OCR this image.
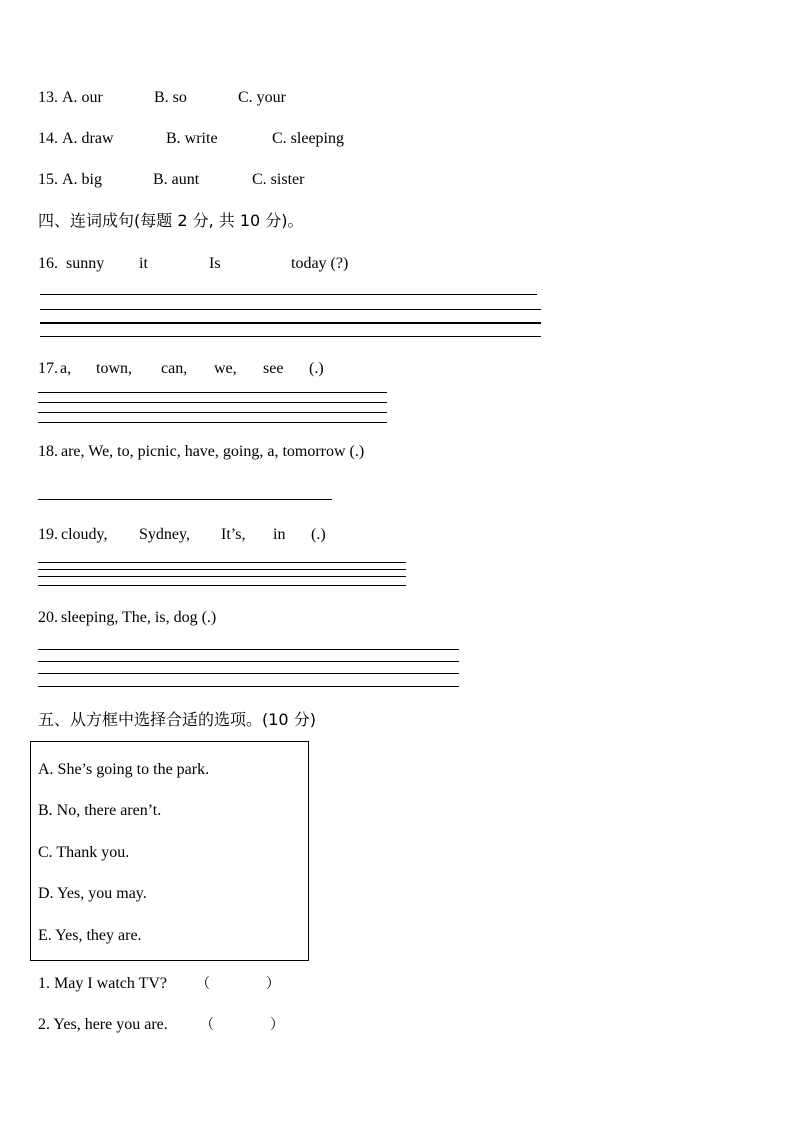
13. A. our	B. so	C. your
14. A. draw	B. write	C. sleeping
15. A. big	B. aunt	C. sister
四、连词成句(每题 2 分, 共 10 分)。
16. sunny it	Is	today (?)
17. a, town, can, we, see (.)
18. are, We, to, picnic, have, going, a, tomorrow (.)
19. cloudy, Sydney, It’s, in (.)
20. sleeping, The, is, dog (.)
五、从方框中选择合适的选项。(10 分)
A. She’s going to the park.
B. No, there aren’t.
C. Thank you.
D. Yes, you may.
E. Yes, they are.
1. May I watch TV? （　　　　）
2. Yes, here you are. （　　　　）
